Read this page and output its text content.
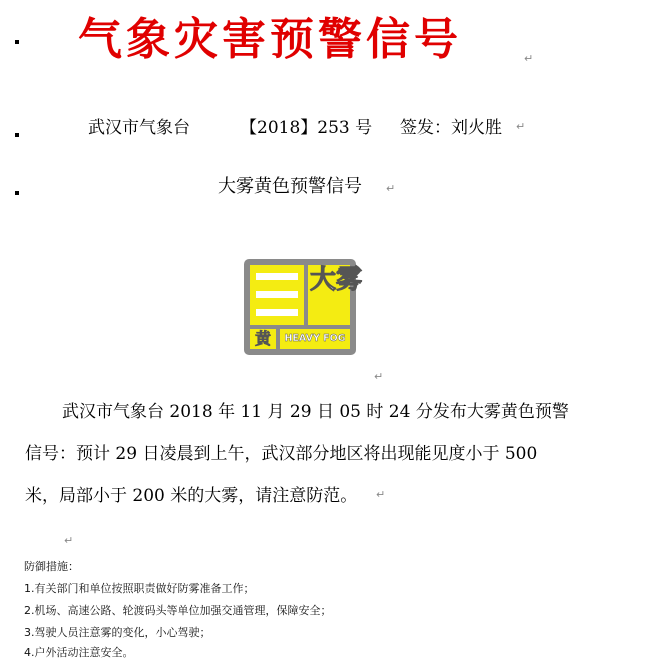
气象灾害预警信号	↵
武汉市气象台	【2018】253 号 签发：刘火胜 ↵
大雾黄色预警信号 ↵
大雾
黄	HEAVY FOG
↵
武汉市气象台 2018 年 11 月 29 日 05 时 24 分发布大雾黄色预警
信号：预计 29 日凌晨到上午，武汉部分地区将出现能见度小于 500
米，局部小于 200 米的大雾，请注意防范。 ↵
↵
防御措施：
1.有关部门和单位按照职责做好防雾准备工作；
2.机场、高速公路、轮渡码头等单位加强交通管理，保障安全；
3.驾驶人员注意雾的变化，小心驾驶；
4.户外活动注意安全。
